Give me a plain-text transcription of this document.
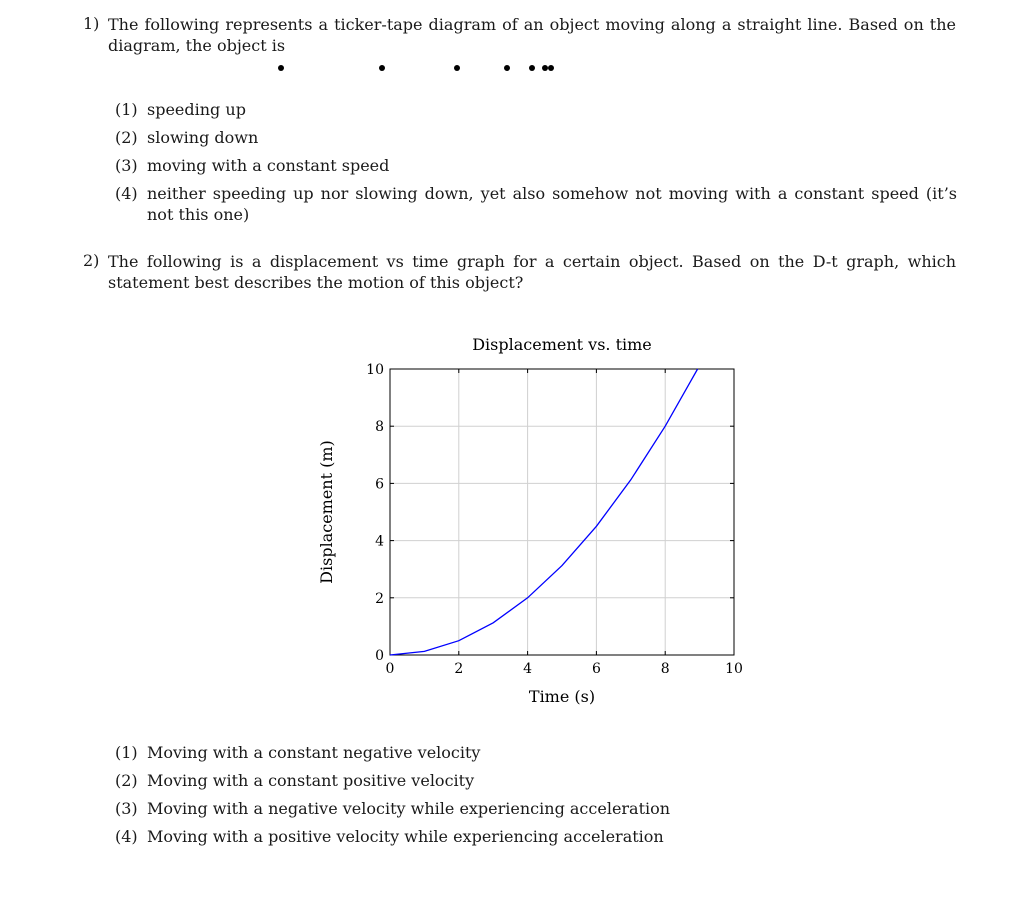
1) The following represents a ticker-tape diagram of an object moving along a straight line. Based on the diagram, the object is
(1) speeding up
(2) slowing down
(3) moving with a constant speed
(4) neither speeding up nor slowing down, yet also somehow not moving with a constant speed (it’s not this one)
2) The following is a displacement vs time graph for a certain object. Based on the D-t graph, which statement best describes the motion of this object?
0	2	4	6	8	10
0
2
4
6
8
10
Displacement vs. time
Time (s)
Displacement (m)
(1) Moving with a constant negative velocity
(2) Moving with a constant positive velocity
(3) Moving with a negative velocity while experiencing acceleration
(4) Moving with a positive velocity while experiencing acceleration
